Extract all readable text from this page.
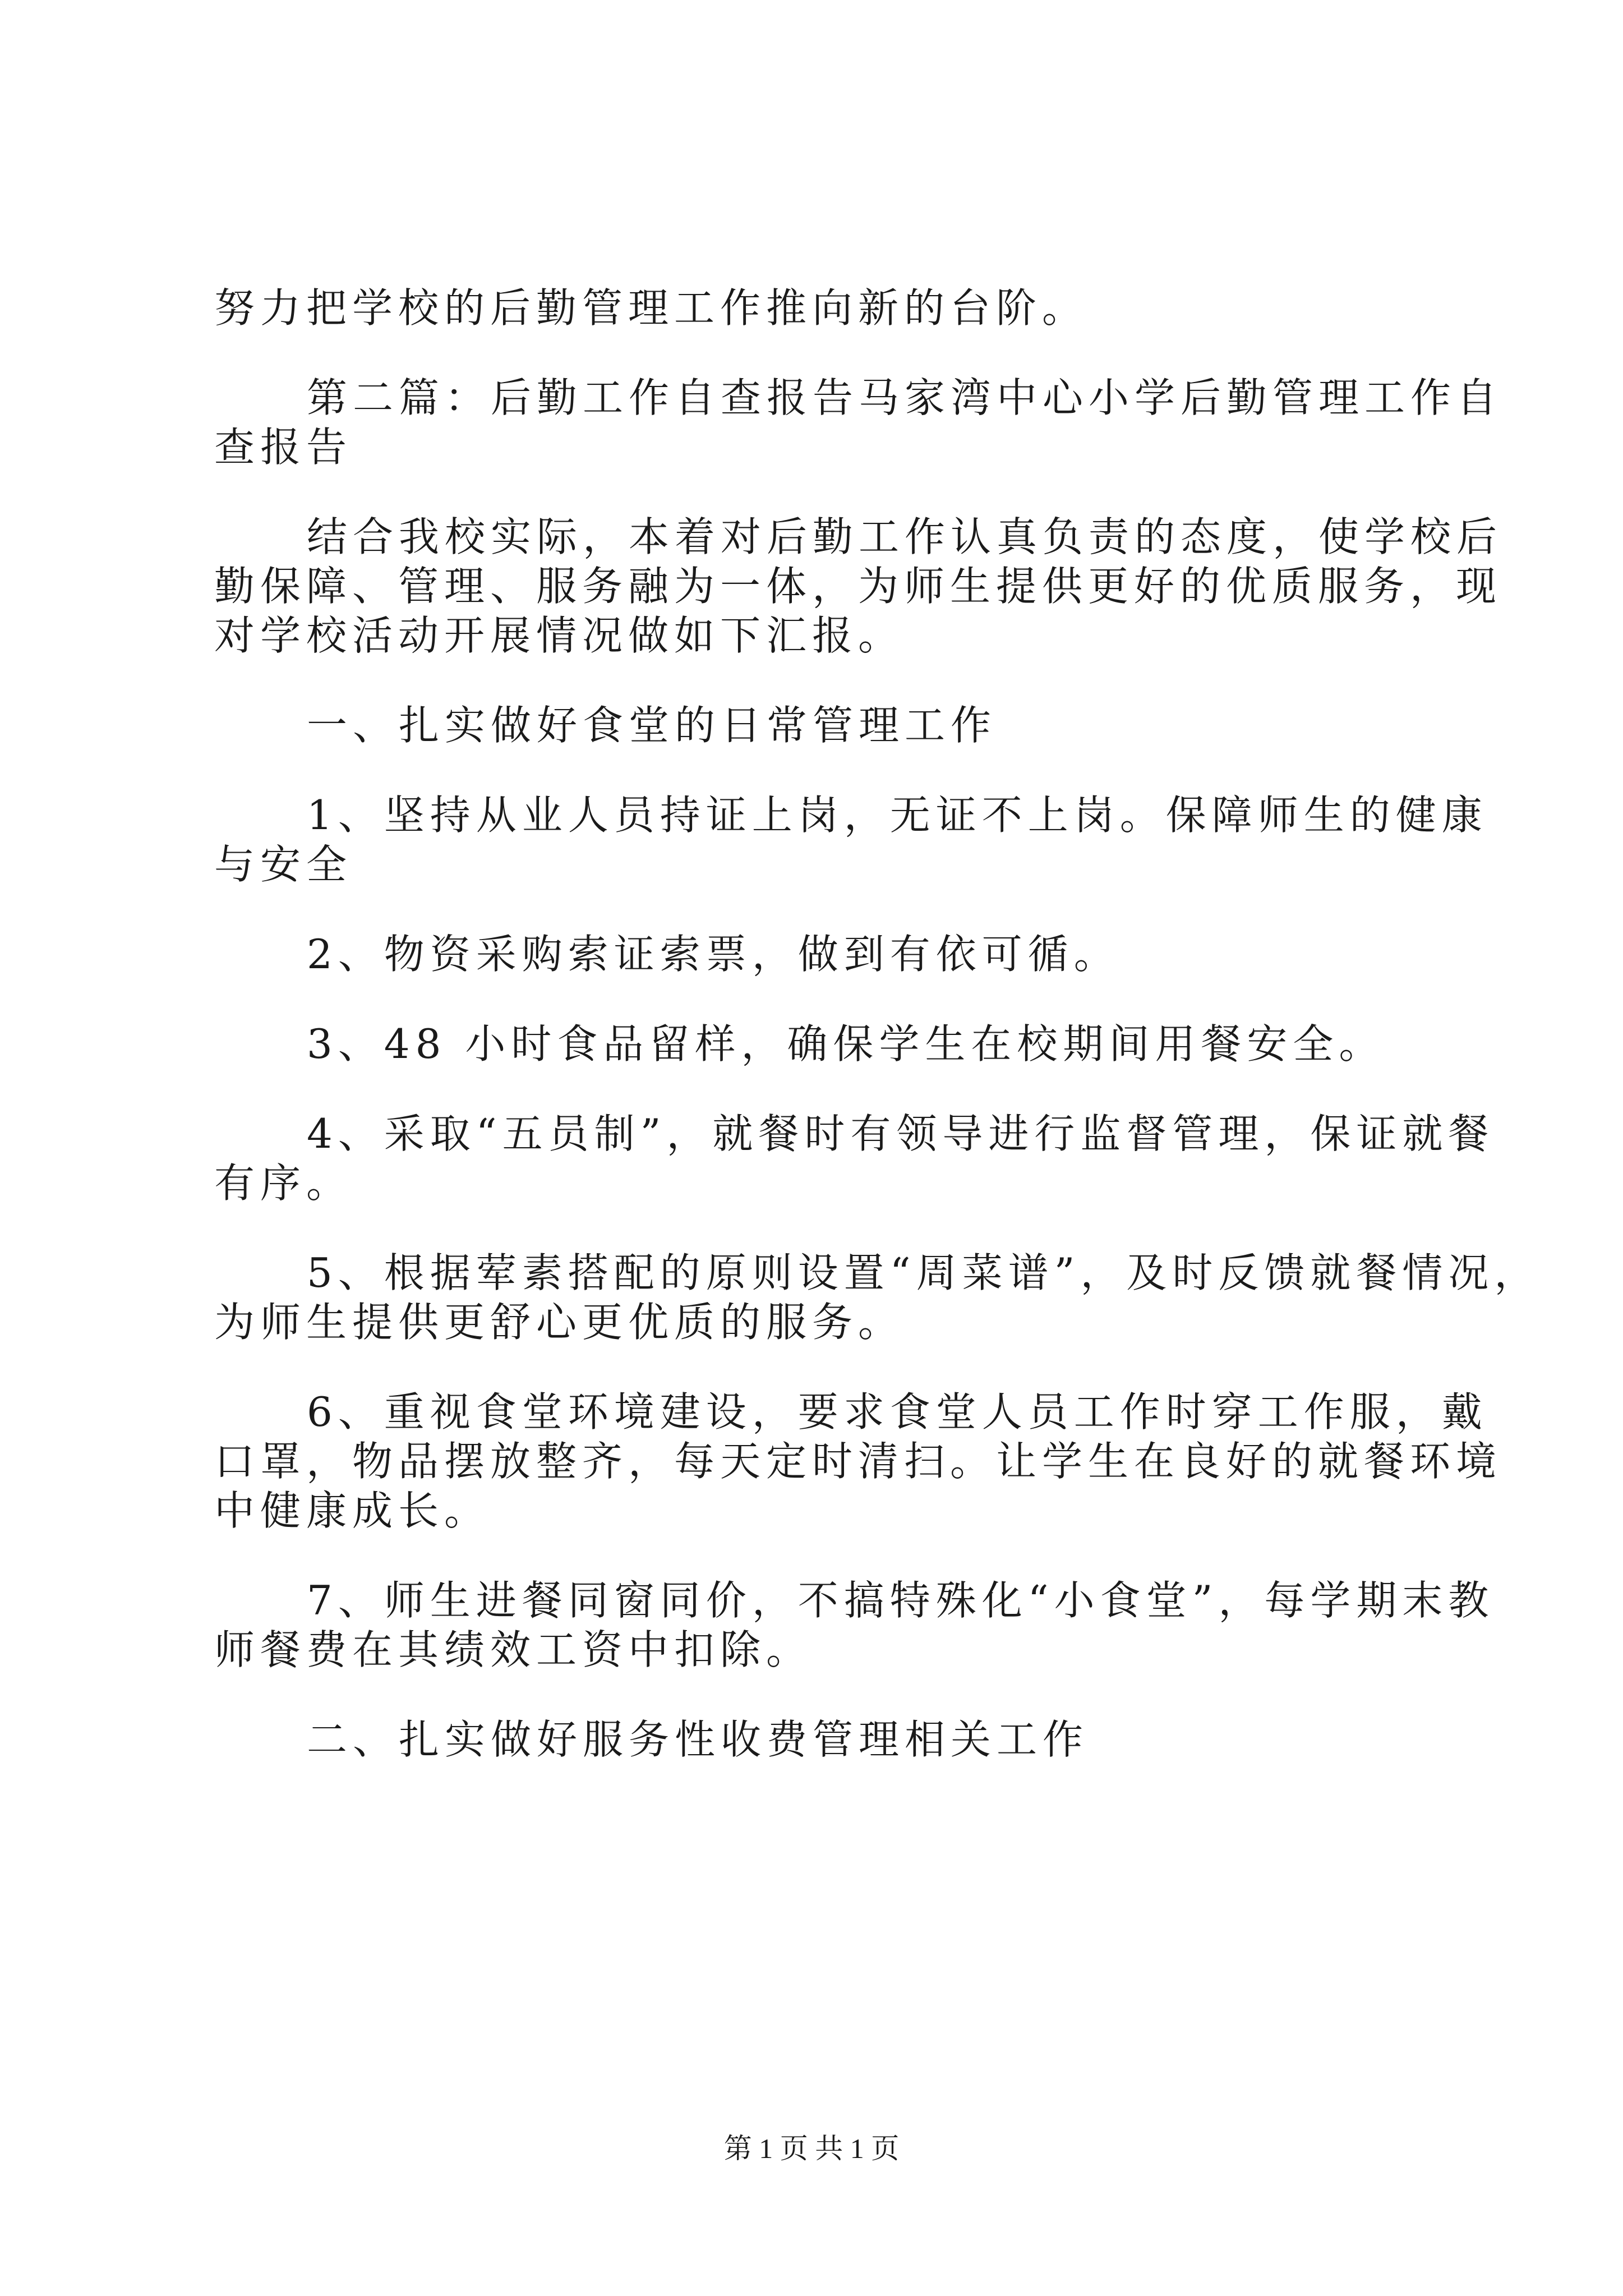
努力把学校的后勤管理工作推向新的台阶。
第二篇：后勤工作自查报告马家湾中心小学后勤管理工作自
查报告
结合我校实际，本着对后勤工作认真负责的态度，使学校后
勤保障、管理、服务融为一体，为师生提供更好的优质服务，现
对学校活动开展情况做如下汇报。
一、扎实做好食堂的日常管理工作
1、坚持从业人员持证上岗，无证不上岗。保障师生的健康
与安全
2、物资采购索证索票，做到有依可循。
3、48 小时食品留样，确保学生在校期间用餐安全。
4、采取“五员制”，就餐时有领导进行监督管理，保证就餐
有序。
5、根据荤素搭配的原则设置“周菜谱”，及时反馈就餐情况，
为师生提供更舒心更优质的服务。
6、重视食堂环境建设，要求食堂人员工作时穿工作服，戴
口罩，物品摆放整齐，每天定时清扫。让学生在良好的就餐环境
中健康成长。
7、师生进餐同窗同价，不搞特殊化“小食堂”，每学期末教
师餐费在其绩效工资中扣除。
二、扎实做好服务性收费管理相关工作
第 1 页 共 1 页
